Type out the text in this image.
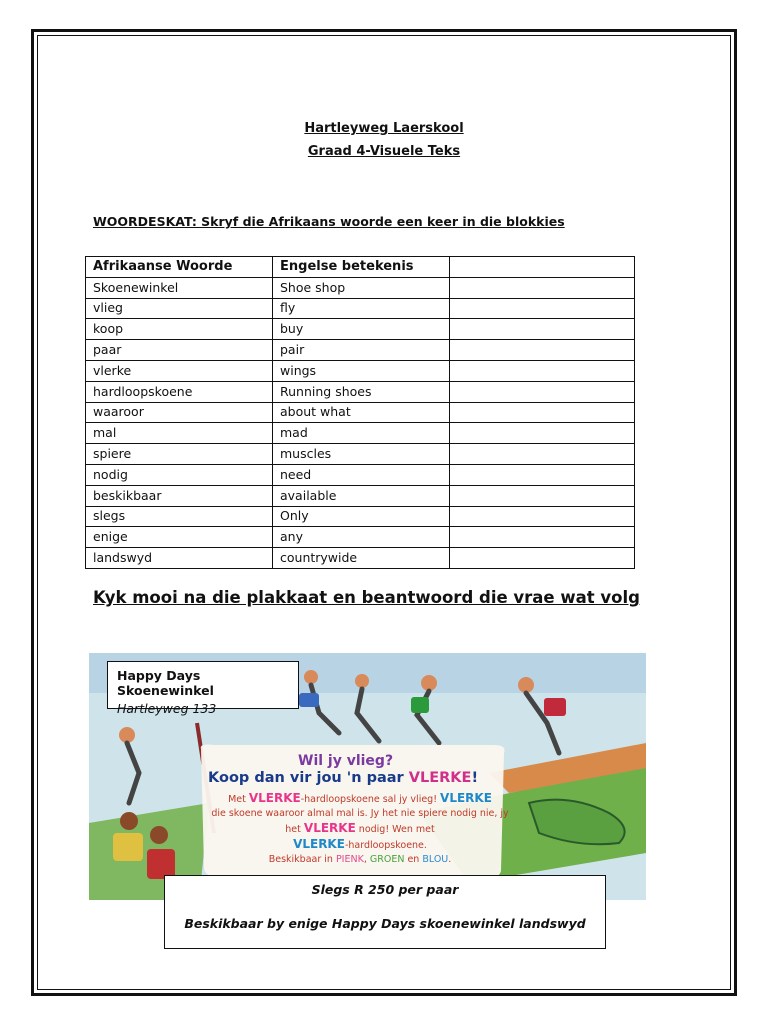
Hartleyweg Laerskool
Graad 4-Visuele Teks
WOORDESKAT: Skryf die Afrikaans woorde een keer in die blokkies
Afrikaanse Woorde	Engelse betekenis	
Skoenewinkel	Shoe shop	
vlieg	fly	
koop	buy	
paar	pair	
vlerke	wings	
hardloopskoene	Running shoes	
waaroor	about what	
mal	mad	
spiere	muscles	
nodig	need	
beskikbaar	available	
slegs	Only	
enige	any	
landswyd	countrywide	
Kyk mooi na die plakkaat en beantwoord die vrae wat volg
Wil jy vlieg?
Koop dan vir jou 'n paar VLERKE!
Met VLERKE-hardloopskoene sal jy vlieg! VLERKE
die skoene waaroor almal mal is. Jy het nie spiere nodig nie, jy het VLERKE nodig! Wen met
VLERKE-hardloopskoene.
Beskikbaar in PIENK, GROEN en BLOU.
Happy Days Skoenewinkel
Hartleyweg 133
Slegs R 250 per paar
Beskikbaar by enige Happy Days skoenewinkel landswyd
